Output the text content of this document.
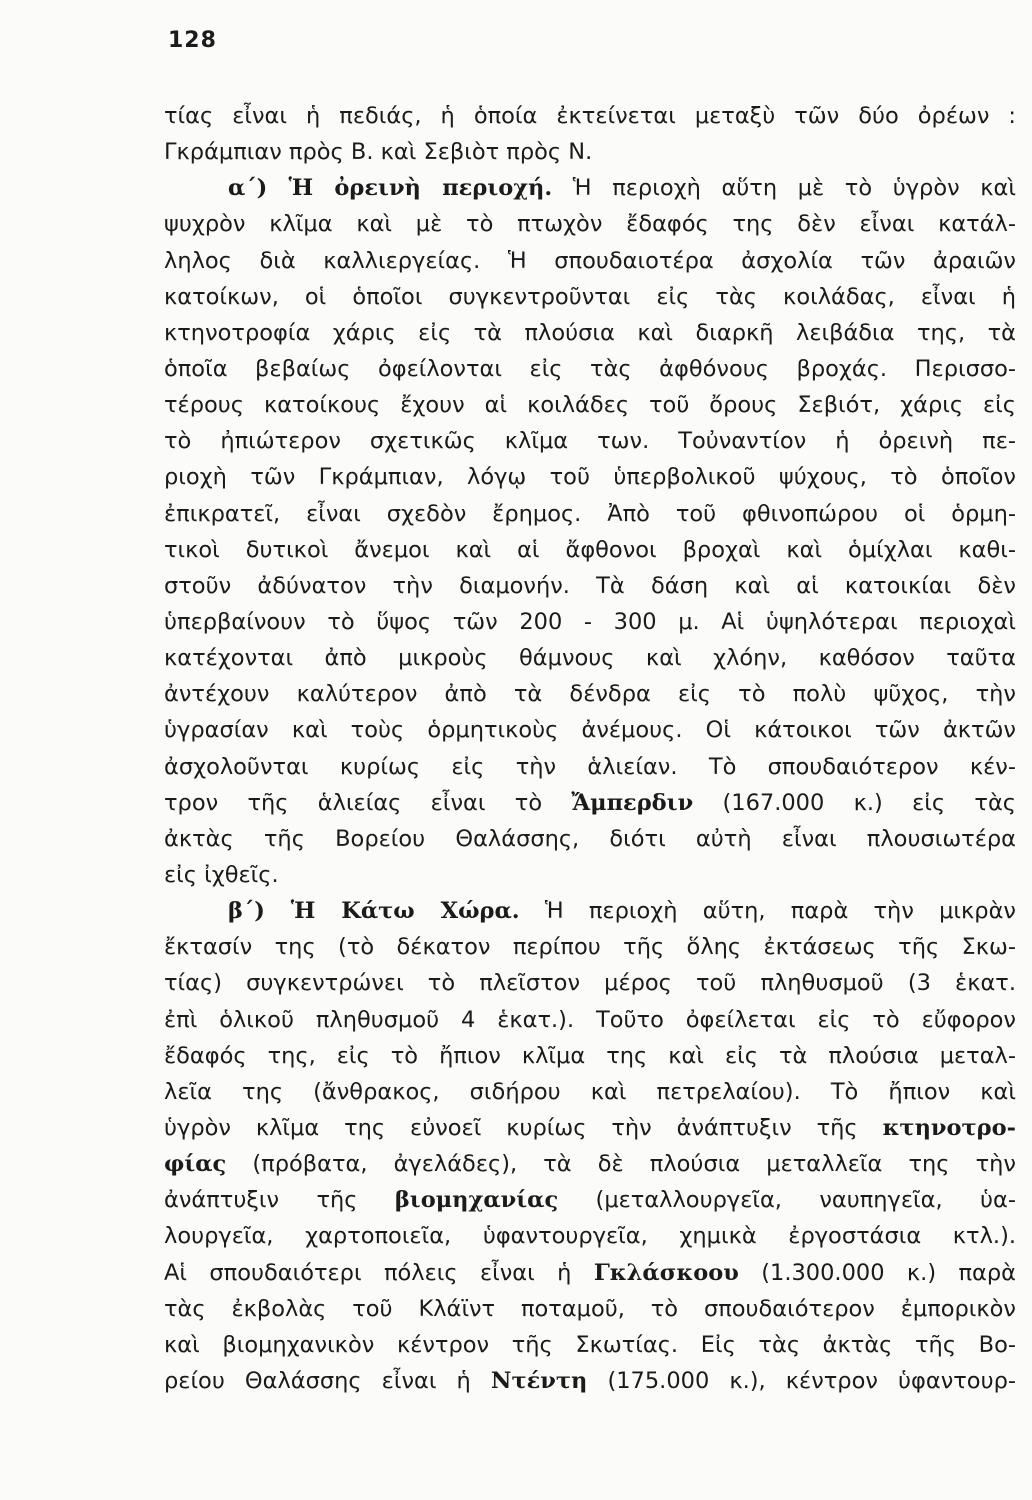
128
τίας εἶναι ἡ πεδιάς, ἡ ὁποία ἐκτείνεται μεταξὺ τῶν δύο ὀρέων :
Γκράμπιαν πρὸς Β. καὶ Σεβιὸτ πρὸς Ν.
α΄) Ἡ ὀρεινὴ περιοχή. Ἡ περιοχὴ αὕτη μὲ τὸ ὑγρὸν καὶ
ψυχρὸν κλῖμα καὶ μὲ τὸ πτωχὸν ἔδαφός της δὲν εἶναι κατάλ-
ληλος διὰ καλλιεργείας. Ἡ σπουδαιοτέρα ἀσχολία τῶν ἀραιῶν
κατοίκων, οἱ ὁποῖοι συγκεντροῦνται εἰς τὰς κοιλάδας, εἶναι ἡ
κτηνοτροφία χάρις εἰς τὰ πλούσια καὶ διαρκῆ λειβάδια της, τὰ
ὁποῖα βεβαίως ὀφείλονται εἰς τὰς ἀφθόνους βροχάς. Περισσο-
τέρους κατοίκους ἔχουν αἱ κοιλάδες τοῦ ὄρους Σεβιότ, χάρις εἰς
τὸ ἠπιώτερον σχετικῶς κλῖμα των. Τοὐναντίον ἡ ὀρεινὴ πε-
ριοχὴ τῶν Γκράμπιαν, λόγῳ τοῦ ὑπερβολικοῦ ψύχους, τὸ ὁποῖον
ἐπικρατεῖ, εἶναι σχεδὸν ἔρημος. Ἀπὸ τοῦ φθινοπώρου οἱ ὁρμη-
τικοὶ δυτικοὶ ἄνεμοι καὶ αἱ ἄφθονοι βροχαὶ καὶ ὁμίχλαι καθι-
στοῦν ἀδύνατον τὴν διαμονήν. Τὰ δάση καὶ αἱ κατοικίαι δὲν
ὑπερβαίνουν τὸ ὕψος τῶν 200 - 300 μ. Αἱ ὑψηλότεραι περιοχαὶ
κατέχονται ἀπὸ μικροὺς θάμνους καὶ χλόην, καθόσον ταῦτα
ἀντέχουν καλύτερον ἀπὸ τὰ δένδρα εἰς τὸ πολὺ ψῦχος, τὴν
ὑγρασίαν καὶ τοὺς ὁρμητικοὺς ἀνέμους. Οἱ κάτοικοι τῶν ἀκτῶν
ἀσχολοῦνται κυρίως εἰς τὴν ἁλιείαν. Τὸ σπουδαιότερον κέν-
τρον τῆς ἁλιείας εἶναι τὸ Ἄμπερδιν (167.000 κ.) εἰς τὰς
ἀκτὰς τῆς Βορείου Θαλάσσης, διότι αὐτὴ εἶναι πλουσιωτέρα
εἰς ἰχθεῖς.
β΄) Ἡ Κάτω Χώρα. Ἡ περιοχὴ αὕτη, παρὰ τὴν μικρὰν
ἔκτασίν της (τὸ δέκατον περίπου τῆς ὅλης ἐκτάσεως τῆς Σκω-
τίας) συγκεντρώνει τὸ πλεῖστον μέρος τοῦ πληθυσμοῦ (3 ἑκατ.
ἐπὶ ὁλικοῦ πληθυσμοῦ 4 ἑκατ.). Τοῦτο ὀφείλεται εἰς τὸ εὔφορον
ἔδαφός της, εἰς τὸ ἤπιον κλῖμα της καὶ εἰς τὰ πλούσια μεταλ-
λεῖα της (ἄνθρακος, σιδήρου καὶ πετρελαίου). Τὸ ἤπιον καὶ
ὑγρὸν κλῖμα της εὐνοεῖ κυρίως τὴν ἀνάπτυξιν τῆς κτηνοτρο-
φίας (πρόβατα, ἀγελάδες), τὰ δὲ πλούσια μεταλλεῖα της τὴν
ἀνάπτυξιν τῆς βιομηχανίας (μεταλλουργεῖα, ναυπηγεῖα, ὑα-
λουργεῖα, χαρτοποιεῖα, ὑφαντουργεῖα, χημικὰ ἐργοστάσια κτλ.).
Αἱ σπουδαιότερι πόλεις εἶναι ἡ Γκλάσκοου (1.300.000 κ.) παρὰ
τὰς ἐκβολὰς τοῦ Κλάϊντ ποταμοῦ, τὸ σπουδαιότερον ἐμπορικὸν
καὶ βιομηχανικὸν κέντρον τῆς Σκωτίας. Εἰς τὰς ἀκτὰς τῆς Βο-
ρείου Θαλάσσης εἶναι ἡ Ντέντη (175.000 κ.), κέντρον ὑφαντουρ-
